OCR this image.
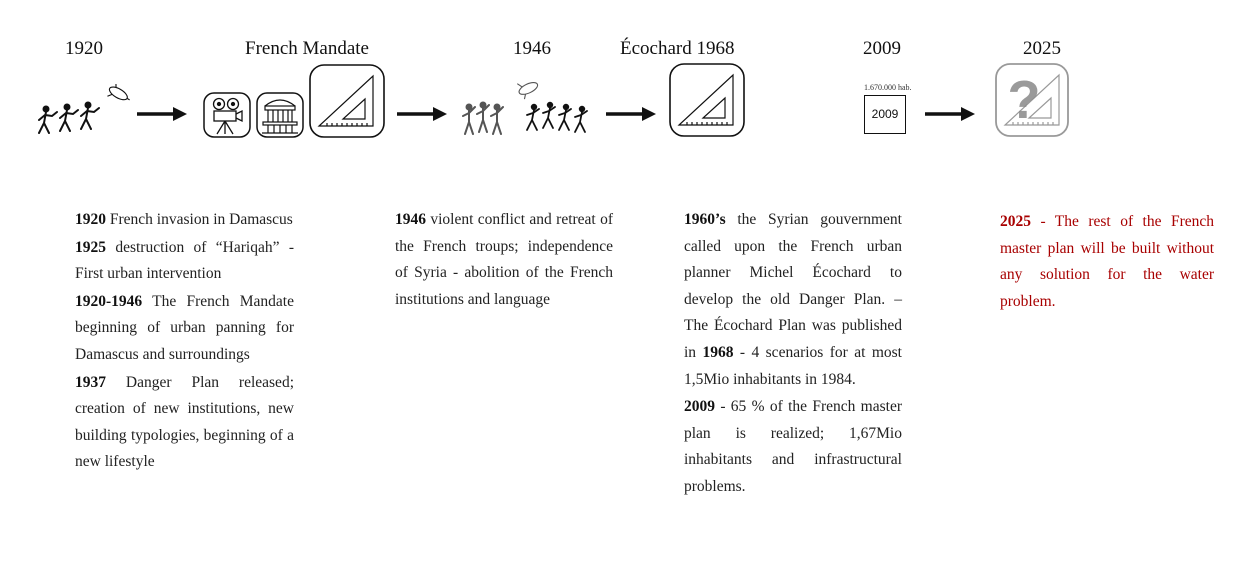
1920	French Mandate	1946	Écochard 1968	2009	2025
1.670.000 hab.
2009 ?

1920 French invasion in Damascus

1925 destruction of “Hariqah” - First urban intervention

1920-1946 The French Mandate beginning of urban panning for Damascus and surroundings

1937 Danger Plan released; creation of new institutions, new building typologies, beginning of a new lifestyle

1946 violent conflict and retreat of the French troups; independence of Syria - abolition of the French institutions and language

1960’s the Syrian gouvernment called upon the French urban planner Michel Écochard to develop the old Danger Plan. – The Écochard Plan was published in 1968 - 4 scenarios for at most 1,5Mio inhabitants in 1984.

2009 - 65 % of the French master plan is realized; 1,67Mio inhabitants and infrastructural problems.

2025 - The rest of the French master plan will be built without any solution for the water problem.
